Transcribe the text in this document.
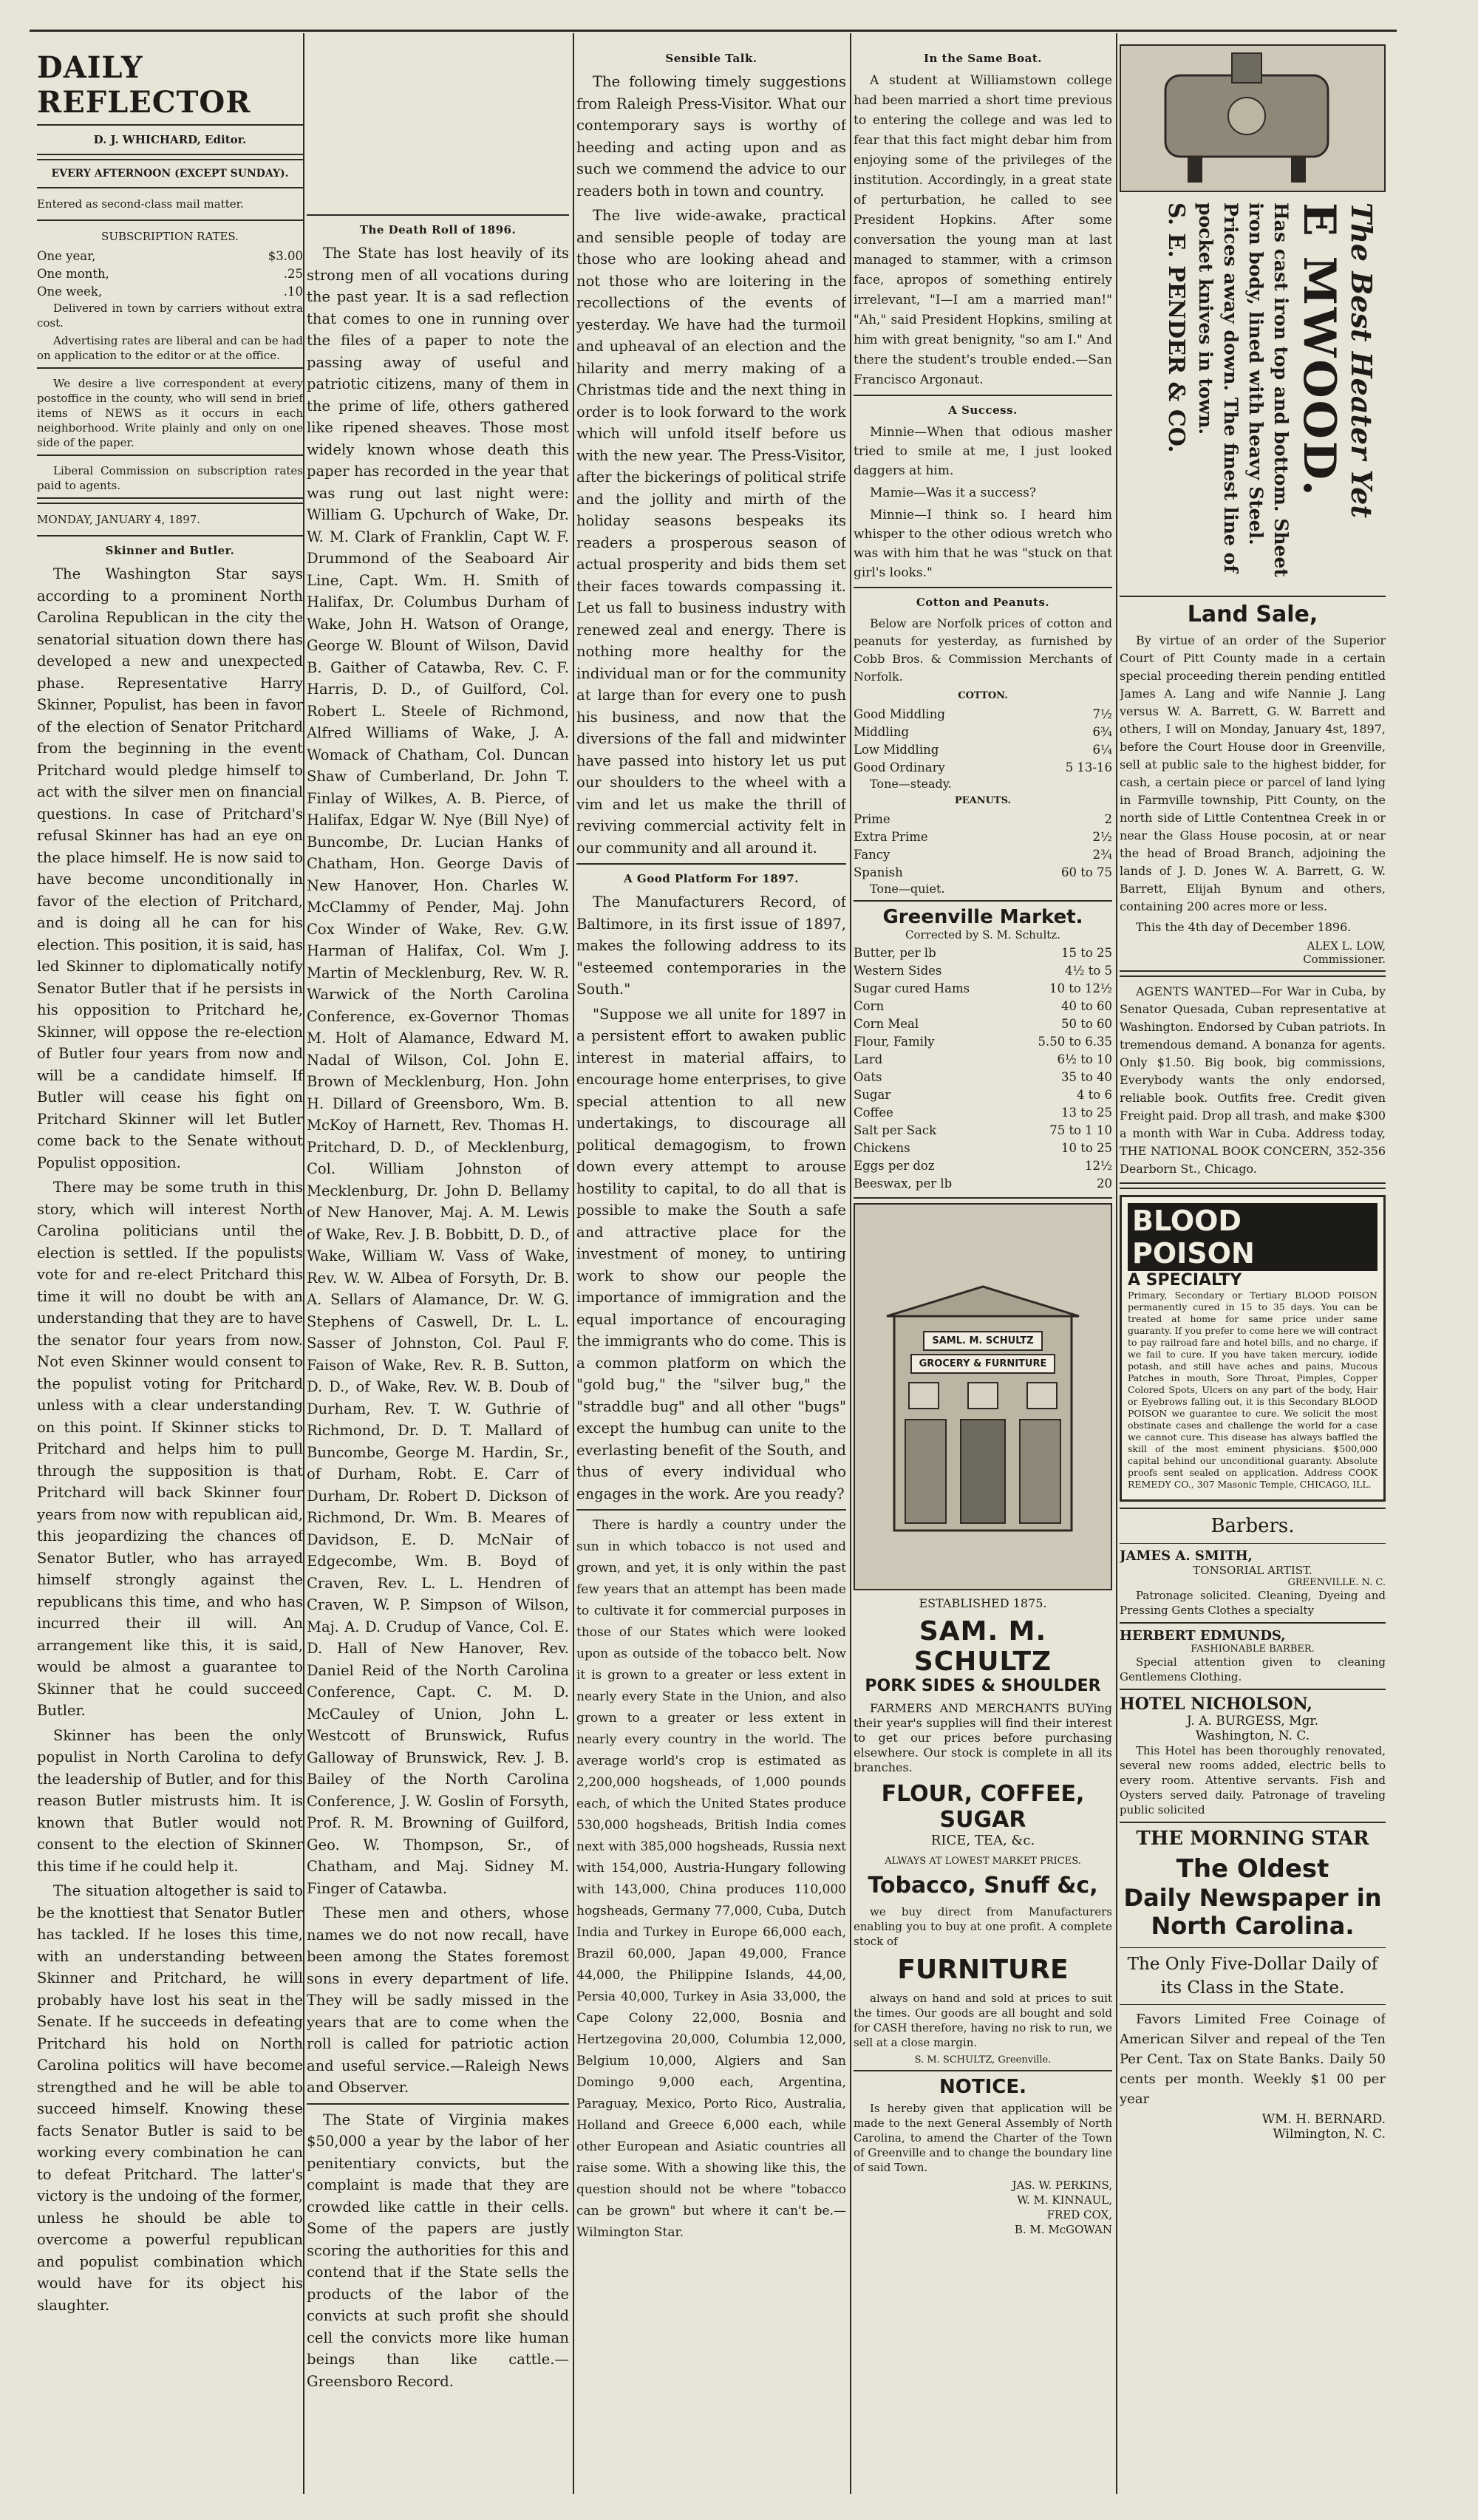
DAILY REFLECTOR
D. J. WHICHARD, Editor.
EVERY AFTERNOON (EXCEPT SUNDAY).
Entered as second-class mail matter.
SUBSCRIPTION RATES.
One year,	$3.00
One month,	.25
One week,	.10

Delivered in town by carriers without extra cost.

Advertising rates are liberal and can be had on application to the editor or at the office.

We desire a live correspondent at every postoffice in the county, who will send in brief items of NEWS as it occurs in each neighborhood. Write plainly and only on one side of the paper.

Liberal Commission on subscription rates paid to agents.

MONDAY, JANUARY 4, 1897.
Skinner and Butler.

The Washington Star says according to a prominent North Carolina Republican in the city the senatorial situation down there has developed a new and unexpected phase. Representative Harry Skinner, Populist, has been in favor of the election of Senator Pritchard from the beginning in the event Pritchard would pledge himself to act with the silver men on financial questions. In case of Pritchard's refusal Skinner has had an eye on the place himself. He is now said to have become unconditionally in favor of the election of Pritchard, and is doing all he can for his election. This position, it is said, has led Skinner to diplomatically notify Senator Butler that if he persists in his opposition to Pritchard he, Skinner, will oppose the re-election of Butler four years from now and will be a candidate himself. If Butler will cease his fight on Pritchard Skinner will let Butler come back to the Senate without Populist opposition.

There may be some truth in this story, which will interest North Carolina politicians until the election is settled. If the populists vote for and re-elect Pritchard this time it will no doubt be with an understanding that they are to have the senator four years from now. Not even Skinner would consent to the populist voting for Pritchard unless with a clear understanding on this point. If Skinner sticks to Pritchard and helps him to pull through the supposition is that Pritchard will back Skinner four years from now with republican aid, this jeopardizing the chances of Senator Butler, who has arrayed himself strongly against the republicans this time, and who has incurred their ill will. An arrangement like this, it is said, would be almost a guarantee to Skinner that he could succeed Butler.

Skinner has been the only populist in North Carolina to defy the leadership of Butler, and for this reason Butler mistrusts him. It is known that Butler would not consent to the election of Skinner this time if he could help it.

The situation altogether is said to be the knottiest that Senator Butler has tackled. If he loses this time, with an understanding between Skinner and Pritchard, he will probably have lost his seat in the Senate. If he succeeds in defeating Pritchard his hold on North Carolina politics will have become strengthed and he will be able to succeed himself. Knowing these facts Senator Butler is said to be working every combination he can to defeat Pritchard. The latter's victory is the undoing of the former, unless he should be able to overcome a powerful republican and populist combination which would have for its object his slaughter.

The Death Roll of 1896.

The State has lost heavily of its strong men of all vocations during the past year. It is a sad reflection that comes to one in running over the files of a paper to note the passing away of useful and patriotic citizens, many of them in the prime of life, others gathered like ripened sheaves. Those most widely known whose death this paper has recorded in the year that was rung out last night were: William G. Upchurch of Wake, Dr. W. M. Clark of Franklin, Capt W. F. Drummond of the Seaboard Air Line, Capt. Wm. H. Smith of Halifax, Dr. Columbus Durham of Wake, John H. Watson of Orange, George W. Blount of Wilson, David B. Gaither of Catawba, Rev. C. F. Harris, D. D., of Guilford, Col. Robert L. Steele of Richmond, Alfred Williams of Wake, J. A. Womack of Chatham, Col. Duncan Shaw of Cumberland, Dr. John T. Finlay of Wilkes, A. B. Pierce, of Halifax, Edgar W. Nye (Bill Nye) of Buncombe, Dr. Lucian Hanks of Chatham, Hon. George Davis of New Hanover, Hon. Charles W. McClammy of Pender, Maj. John Cox Winder of Wake, Rev. G.W. Harman of Halifax, Col. Wm J. Martin of Mecklenburg, Rev. W. R. Warwick of the North Carolina Conference, ex-Governor Thomas M. Holt of Alamance, Edward M. Nadal of Wilson, Col. John E. Brown of Mecklenburg, Hon. John H. Dillard of Greensboro, Wm. B. McKoy of Harnett, Rev. Thomas H. Pritchard, D. D., of Mecklenburg, Col. William Johnston of Mecklenburg, Dr. John D. Bellamy of New Hanover, Maj. A. M. Lewis of Wake, Rev. J. B. Bobbitt, D. D., of Wake, William W. Vass of Wake, Rev. W. W. Albea of Forsyth, Dr. B. A. Sellars of Alamance, Dr. W. G. Stephens of Caswell, Dr. L. L. Sasser of Johnston, Col. Paul F. Faison of Wake, Rev. R. B. Sutton, D. D., of Wake, Rev. W. B. Doub of Durham, Rev. T. W. Guthrie of Richmond, Dr. D. T. Mallard of Buncombe, George M. Hardin, Sr., of Durham, Robt. E. Carr of Durham, Dr. Robert D. Dickson of Richmond, Dr. Wm. B. Meares of Davidson, E. D. McNair of Edgecombe, Wm. B. Boyd of Craven, Rev. L. L. Hendren of Craven, W. P. Simpson of Wilson, Maj. A. D. Crudup of Vance, Col. E. D. Hall of New Hanover, Rev. Daniel Reid of the North Carolina Conference, Capt. C. M. D. McCauley of Union, John L. Westcott of Brunswick, Rufus Galloway of Brunswick, Rev. J. B. Bailey of the North Carolina Conference, J. W. Goslin of Forsyth, Prof. R. M. Browning of Guilford, Geo. W. Thompson, Sr., of Chatham, and Maj. Sidney M. Finger of Catawba.

These men and others, whose names we do not now recall, have been among the States foremost sons in every department of life. They will be sadly missed in the years that are to come when the roll is called for patriotic action and useful service.—Raleigh News and Observer.

The State of Virginia makes $50,000 a year by the labor of her penitentiary convicts, but the complaint is made that they are crowded like cattle in their cells. Some of the papers are justly scoring the authorities for this and contend that if the State sells the products of the labor of the convicts at such profit she should cell the convicts more like human beings than like cattle.—Greensboro Record.

Sensible Talk.

The following timely suggestions from Raleigh Press-Visitor. What our contemporary says is worthy of heeding and acting upon and as such we commend the advice to our readers both in town and country.

The live wide-awake, practical and sensible people of today are those who are looking ahead and not those who are loitering in the recollections of the events of yesterday. We have had the turmoil and upheaval of an election and the hilarity and merry making of a Christmas tide and the next thing in order is to look forward to the work which will unfold itself before us with the new year. The Press-Visitor, after the bickerings of political strife and the jollity and mirth of the holiday seasons bespeaks its readers a prosperous season of actual prosperity and bids them set their faces towards compassing it. Let us fall to business industry with renewed zeal and energy. There is nothing more healthy for the individual man or for the community at large than for every one to push his business, and now that the diversions of the fall and midwinter have passed into history let us put our shoulders to the wheel with a vim and let us make the thrill of reviving commercial activity felt in our community and all around it.

A Good Platform For 1897.

The Manufacturers Record, of Baltimore, in its first issue of 1897, makes the following address to its "esteemed contemporaries in the South."

"Suppose we all unite for 1897 in a persistent effort to awaken public interest in material affairs, to encourage home enterprises, to give special attention to all new undertakings, to discourage all political demagogism, to frown down every attempt to arouse hostility to capital, to do all that is possible to make the South a safe and attractive place for the investment of money, to untiring work to show our people the importance of immigration and the equal importance of encouraging the immigrants who do come. This is a common platform on which the "gold bug," the "silver bug," the "straddle bug" and all other "bugs" except the humbug can unite to the everlasting benefit of the South, and thus of every individual who engages in the work. Are you ready?

There is hardly a country under the sun in which tobacco is not used and grown, and yet, it is only within the past few years that an attempt has been made to cultivate it for commercial purposes in those of our States which were looked upon as outside of the tobacco belt. Now it is grown to a greater or less extent in nearly every State in the Union, and also grown to a greater or less extent in nearly every country in the world. The average world's crop is estimated as 2,200,000 hogsheads, of 1,000 pounds each, of which the United States produce 530,000 hogsheads, British India comes next with 385,000 hogsheads, Russia next with 154,000, Austria-Hungary following with 143,000, China produces 110,000 hogsheads, Germany 77,000, Cuba, Dutch India and Turkey in Europe 66,000 each, Brazil 60,000, Japan 49,000, France 44,000, the Philippine Islands, 44,00, Persia 40,000, Turkey in Asia 33,000, the Cape Colony 22,000, Bosnia and Hertzegovina 20,000, Columbia 12,000, Belgium 10,000, Algiers and San Domingo 9,000 each, Argentina, Paraguay, Mexico, Porto Rico, Australia, Holland and Greece 6,000 each, while other European and Asiatic countries all raise some. With a showing like this, the question should not be where "tobacco can be grown" but where it can't be.—Wilmington Star.

In the Same Boat.

A student at Williamstown college had been married a short time previous to entering the college and was led to fear that this fact might debar him from enjoying some of the privileges of the institution. Accordingly, in a great state of perturbation, he called to see President Hopkins. After some conversation the young man at last managed to stammer, with a crimson face, apropos of something entirely irrelevant, "I—I am a married man!" "Ah," said President Hopkins, smiling at him with great benignity, "so am I." And there the student's trouble ended.—San Francisco Argonaut.

A Success.

Minnie—When that odious masher tried to smile at me, I just looked daggers at him.

Mamie—Was it a success?

Minnie—I think so. I heard him whisper to the other odious wretch who was with him that he was "stuck on that girl's looks."

Cotton and Peanuts.

Below are Norfolk prices of cotton and peanuts for yesterday, as furnished by Cobb Bros. & Commission Merchants of Norfolk.

COTTON.
Good Middling	7½
Middling	6¾
Low Middling	6¼
Good Ordinary	5 13-16
Tone—steady.
PEANUTS.
Prime	2
Extra Prime	2½
Fancy	2¾
Spanish	60 to 75
Tone—quiet.
Greenville Market.
Corrected by S. M. Schultz.
Butter, per lb	15 to 25
Western Sides	4½ to 5
Sugar cured Hams	10 to 12½
Corn	40 to 60
Corn Meal	50 to 60
Flour, Family	5.50 to 6.35
Lard	6½ to 10
Oats	35 to 40
Sugar	4 to 6
Coffee	13 to 25
Salt per Sack	75 to 1 10
Chickens	10 to 25
Eggs per doz	12½
Beeswax, per lb	20
SAML. M. SCHULTZ
GROCERY & FURNITURE
ESTABLISHED 1875.
SAM. M. SCHULTZ
PORK SIDES & SHOULDER

FARMERS AND MERCHANTS BUYing their year's supplies will find their interest to get our prices before purchasing elsewhere. Our stock is complete in all its branches.

FLOUR, COFFEE, SUGAR
RICE, TEA, &c.
ALWAYS AT LOWEST MARKET PRICES.
Tobacco, Snuff &c,

we buy direct from Manufacturers enabling you to buy at one profit. A complete stock of

FURNITURE

always on hand and sold at prices to suit the times. Our goods are all bought and sold for CASH therefore, having no risk to run, we sell at a close margin.

S. M. SCHULTZ, Greenville.
NOTICE.

Is hereby given that application will be made to the next General Assembly of North Carolina, to amend the Charter of the Town of Greenville and to change the boundary line of said Town.

JAS. W. PERKINS,
W. M. KINNAUL,
FRED COX,
B. M. McGOWAN
The Best Heater Yet
E MWOOD.
Has cast iron top and bottom. Sheet iron body, lined with heavy Steel. Prices away down. The finest line of pocket knives in town.
S. E. PENDER & CO.
Land Sale,

By virtue of an order of the Superior Court of Pitt County made in a certain special proceeding therein pending entitled James A. Lang and wife Nannie J. Lang versus W. A. Barrett, G. W. Barrett and others, I will on Monday, January 4st, 1897, before the Court House door in Greenville, sell at public sale to the highest bidder, for cash, a certain piece or parcel of land lying in Farmville township, Pitt County, on the north side of Little Contentnea Creek in or near the Glass House pocosin, at or near the head of Broad Branch, adjoining the lands of J. D. Jones W. A. Barrett, G. W. Barrett, Elijah Bynum and others, containing 200 acres more or less.

This the 4th day of December 1896.

ALEX L. LOW,
Commissioner.

AGENTS WANTED—For War in Cuba, by Senator Quesada, Cuban representative at Washington. Endorsed by Cuban patriots. In tremendous demand. A bonanza for agents. Only $1.50. Big book, big commissions, Everybody wants the only endorsed, reliable book. Outfits free. Credit given Freight paid. Drop all trash, and make $300 a month with War in Cuba. Address today, THE NATIONAL BOOK CONCERN, 352-356 Dearborn St., Chicago.

BLOOD POISON
A SPECIALTY

Primary, Secondary or Tertiary BLOOD POISON permanently cured in 15 to 35 days. You can be treated at home for same price under same guaranty. If you prefer to come here we will contract to pay railroad fare and hotel bills, and no charge, if we fail to cure. If you have taken mercury, iodide potash, and still have aches and pains, Mucous Patches in mouth, Sore Throat, Pimples, Copper Colored Spots, Ulcers on any part of the body, Hair or Eyebrows falling out, it is this Secondary BLOOD POISON we guarantee to cure. We solicit the most obstinate cases and challenge the world for a case we cannot cure. This disease has always baffled the skill of the most eminent physicians. $500,000 capital behind our unconditional guaranty. Absolute proofs sent sealed on application. Address COOK REMEDY CO., 307 Masonic Temple, CHICAGO, ILL.

Barbers.
JAMES A. SMITH,
TONSORIAL ARTIST.
GREENVILLE. N. C.

Patronage solicited. Cleaning, Dyeing and Pressing Gents Clothes a specialty

HERBERT EDMUNDS,
FASHIONABLE BARBER.

Special attention given to cleaning Gentlemens Clothing.

HOTEL NICHOLSON,
J. A. BURGESS, Mgr.
Washington, N. C.

This Hotel has been thoroughly renovated, several new rooms added, electric bells to every room. Attentive servants. Fish and Oysters served daily. Patronage of traveling public solicited

THE MORNING STAR
The Oldest
Daily Newspaper in
North Carolina.
The Only Five-Dollar Daily of its Class in the State.

Favors Limited Free Coinage of American Silver and repeal of the Ten Per Cent. Tax on State Banks. Daily 50 cents per month. Weekly $1 00 per year

WM. H. BERNARD.
Wilmington, N. C.
